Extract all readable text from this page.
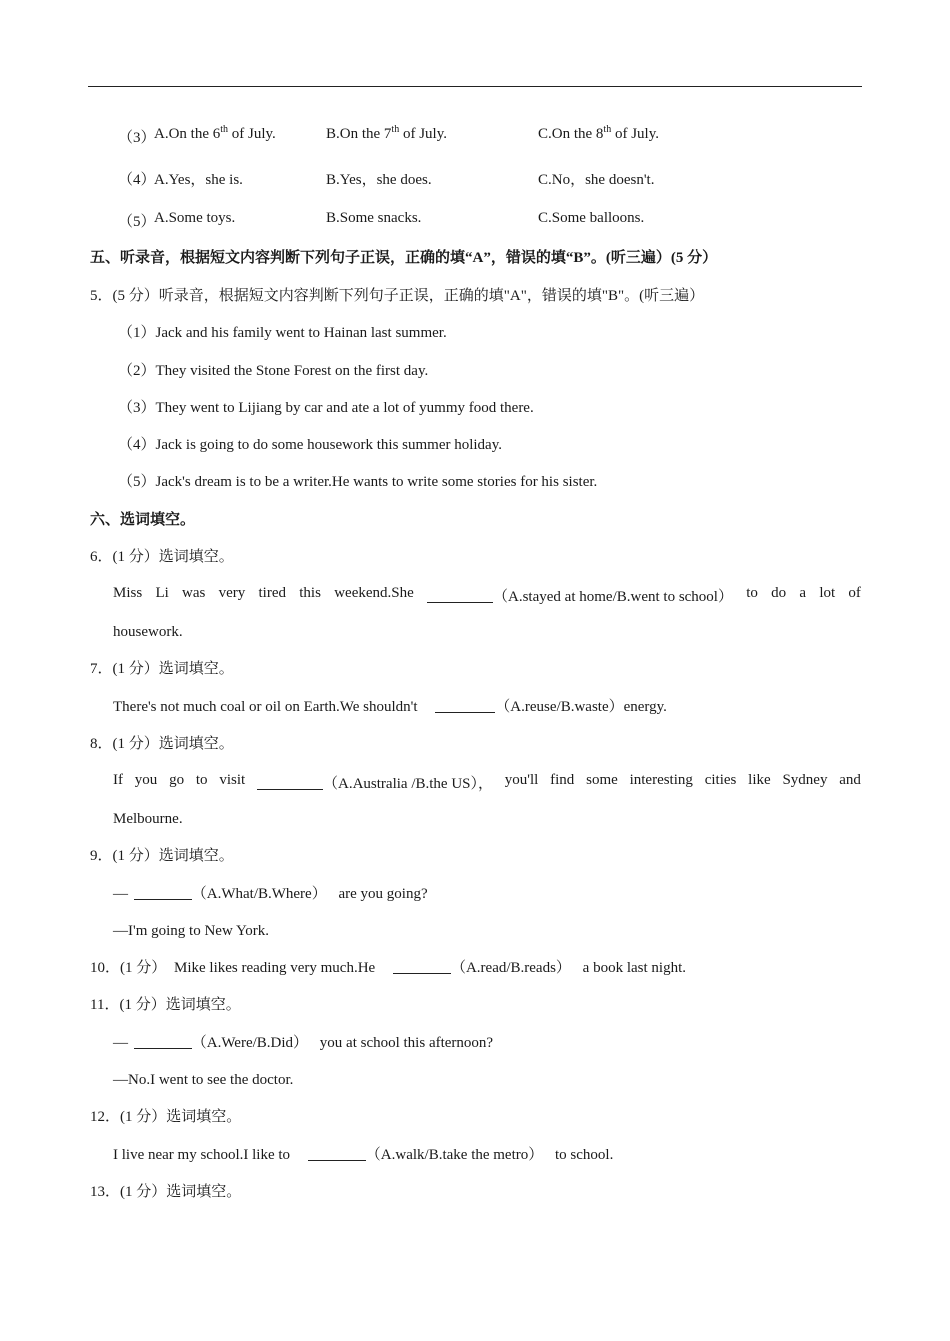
（3）
A.On the 6th of July.	B.On the 7th of July.	C.On the 8th of July.
（4）
A.Yes，she is.	B.Yes，she does.	C.No，she doesn't.
（5）
A.Some toys.	B.Some snacks.	C.Some balloons.
五、听录音，根据短文内容判断下列句子正误，正确的填“A”，错误的填“B”。(听三遍）(5 分）
5．(5 分）听录音，根据短文内容判断下列句子正误，正确的填"A"，错误的填"B"。(听三遍）
（1）Jack and his family went to Hainan last summer.
（2）They visited the Stone Forest on the first day.
（3）They went to Lijiang by car and ate a lot of yummy food there.
（4）Jack is going to do some housework this summer holiday.
（5）Jack's dream is to be a writer.He wants to write some stories for his sister.
六、选词填空。
6．(1 分）选词填空。
Miss Li was very tired this weekend.She	（A.stayed at home/B.went to school） to do a lot of
housework.
7．(1 分）选词填空。
There's not much coal or oil on Earth.We shouldn't	（A.reuse/B.waste）energy.
8．(1 分）选词填空。
If you go to visit	（A.Australia /B.the US）， you'll find some interesting cities like Sydney and
Melbourne.
9．(1 分）选词填空。
—	（A.What/B.Where） are you going?
—I'm going to New York.
10．(1 分） Mike likes reading very much.He	（A.read/B.reads） a book last night.
11．(1 分）选词填空。
—	（A.Were/B.Did） you at school this afternoon?
—No.I went to see the doctor.
12．(1 分）选词填空。
I live near my school.I like to	（A.walk/B.take the metro） to school.
13．(1 分）选词填空。
